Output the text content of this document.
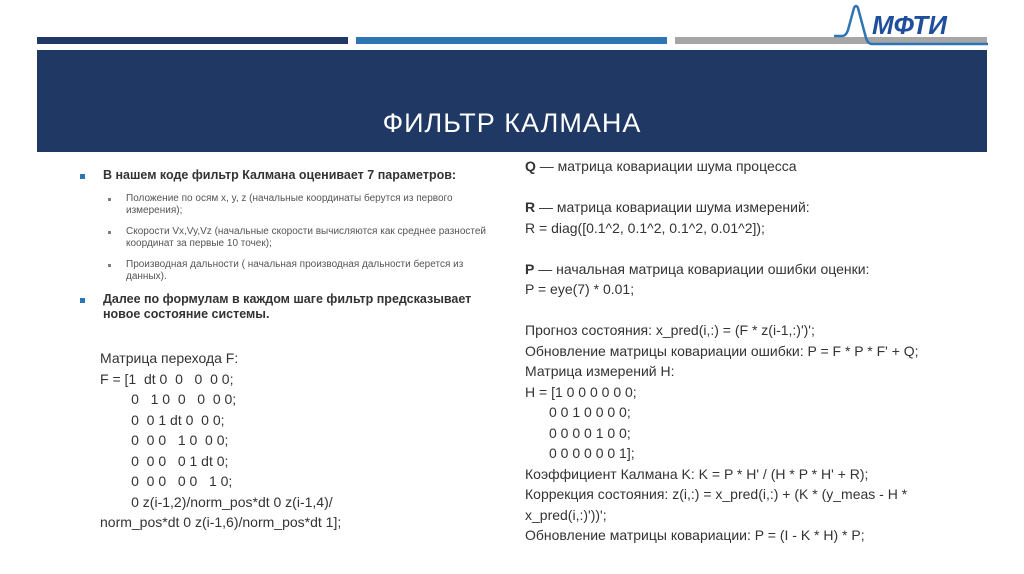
МФТИ
ФИЛЬТР КАЛМАНА
В нашем коде фильтр Калмана оценивает 7 параметров:
Положение по осям x, y, z (начальные координаты берутся из первого измерения);
Скорости Vx,Vy,Vz (начальные скорости вычисляются как среднее разностей координат за первые 10 точек);
Производная дальности ( начальная производная дальности берется из данных).
Далее по формулам в каждом шаге фильтр предсказывает новое состояние системы.
Матрица перехода F:
F = [1  dt 0  0   0  0 0;
0   1 0  0   0  0 0;
0  0 1 dt 0  0 0;
0  0 0   1 0  0 0;
0  0 0   0 1 dt 0;
0  0 0   0 0   1 0;
0 z(i-1,2)/norm_pos*dt 0 z(i-1,4)/
norm_pos*dt 0 z(i-1,6)/norm_pos*dt 1];
Q — матрица ковариации шума процесса
R — матрица ковариации шума измерений:
R = diag([0.1^2, 0.1^2, 0.1^2, 0.01^2]);
P — начальная матрица ковариации ошибки оценки:
P = eye(7) * 0.01;
Прогноз состояния: x_pred(i,:) = (F * z(i-1,:)')';
Обновление матрицы ковариации ошибки: P = F * P * F' + Q;
Матрица измерений H:
H = [1 0 0 0 0 0 0;
0 0 1 0 0 0 0;
0 0 0 0 1 0 0;
0 0 0 0 0 0 1];
Коэффициент Калмана K: K = P * H' / (H * P * H' + R);
Коррекция состояния: z(i,:) = x_pred(i,:) + (K * (y_meas - H *
x_pred(i,:)'))';
Обновление матрицы ковариации: P = (I - K * H) * P;
